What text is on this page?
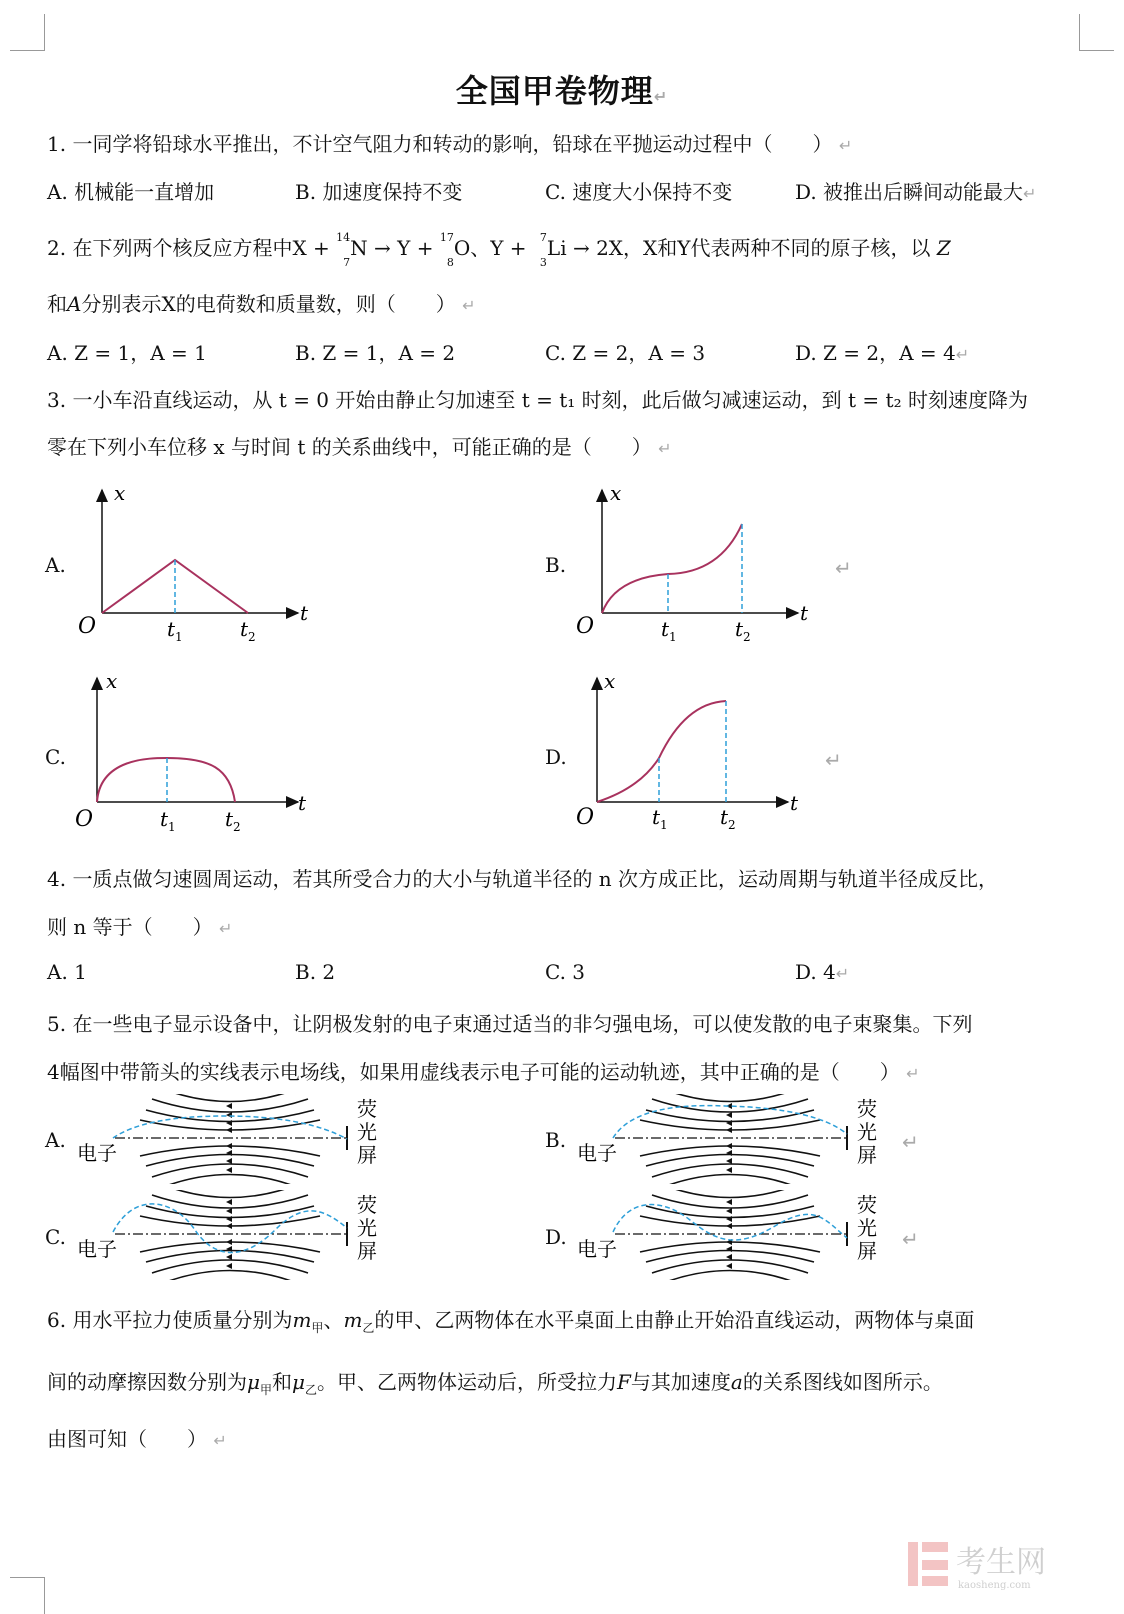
全国甲卷物理↵
1. 一同学将铅球水平推出，不计空气阻力和转动的影响，铅球在平抛运动过程中（　　） ↵
A. 机械能一直增加	B. 加速度保持不变	C. 速度大小保持不变	D. 被推出后瞬间动能最大↵
2. 在下列两个核反应方程中X + 14
7
N → Y + 17
8
O、Y + 7
3
Li → 2X，X和Y代表两种不同的原子核，以 Z
和A分别表示X的电荷数和质量数，则（　　） ↵
A. Z = 1，A = 1	B. Z = 1，A = 2	C. Z = 2，A = 3	D. Z = 2，A = 4↵
3. 一小车沿直线运动，从 t = 0 开始由静止匀加速至 t = t₁ 时刻，此后做匀减速运动，到 t = t₂ 时刻速度降为
零在下列小车位移 x 与时间 t 的关系曲线中，可能正确的是（　　） ↵
A.	B.
C.	D.
↵
↵
x
t
O	$t_1$	$t_2$
x
t
O	$t_1$	$t_2$
x
t
O	$t_1$ $t_2$
x
t
O	$t_1$	$t_2$
4. 一质点做匀速圆周运动，若其所受合力的大小与轨道半径的 n 次方成正比，运动周期与轨道半径成反比，
则 n 等于（　　） ↵
A. 1	B. 2	C. 3	D. 4↵
5. 在一些电子显示设备中，让阴极发射的电子束通过适当的非匀强电场，可以使发散的电子束聚集。下列
4幅图中带箭头的实线表示电场线，如果用虚线表示电子可能的运动轨迹，其中正确的是（　　） ↵
A.	B.
C.	D.
↵
↵
电子
荧
光
屏	电子
荧
光
屏
电子
荧
光
屏	电子
荧
光
屏
6. 用水平拉力使质量分别为$m_甲$、$m_乙$的甲、乙两物体在水平桌面上由静止开始沿直线运动，两物体与桌面
间的动摩擦因数分别为$\mu_甲$和$\mu_乙$。甲、乙两物体运动后，所受拉力F与其加速度a的关系图线如图所示。
由图可知（　　） ↵
考生网
kaosheng.com
